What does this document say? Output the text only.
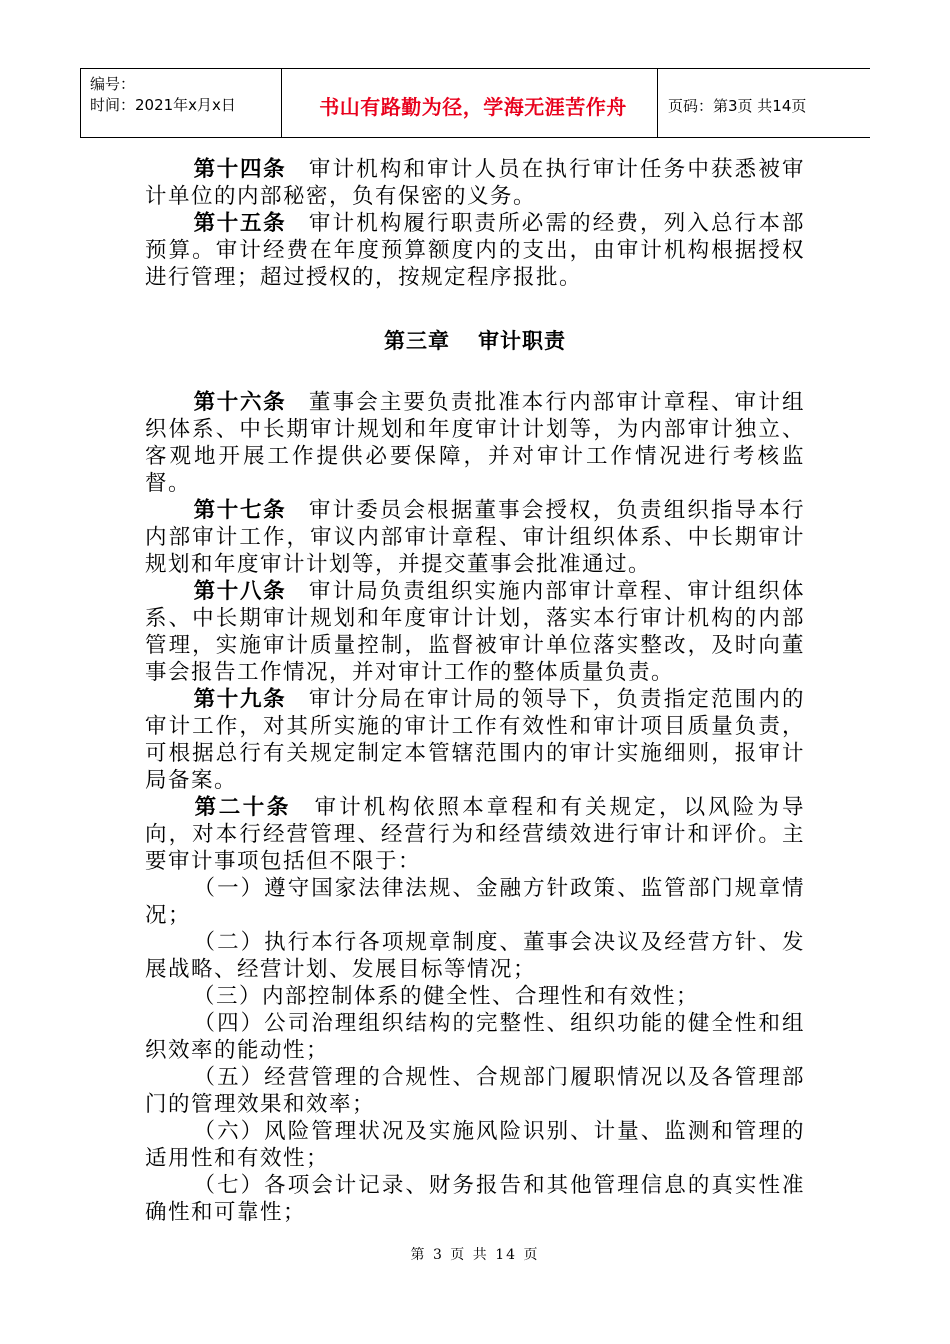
编号：
时间：2021年x月x日	书山有路勤为径，学海无涯苦作舟	页码：第3页 共14页

第十四条 审计机构和审计人员在执行审计任务中获悉被审计单位的内部秘密，负有保密的义务。

第十五条 审计机构履行职责所必需的经费，列入总行本部预算。审计经费在年度预算额度内的支出，由审计机构根据授权进行管理；超过授权的，按规定程序报批。

第三章 审计职责

第十六条 董事会主要负责批准本行内部审计章程、审计组织体系、中长期审计规划和年度审计计划等，为内部审计独立、客观地开展工作提供必要保障，并对审计工作情况进行考核监督。

第十七条 审计委员会根据董事会授权，负责组织指导本行内部审计工作，审议内部审计章程、审计组织体系、中长期审计规划和年度审计计划等，并提交董事会批准通过。

第十八条 审计局负责组织实施内部审计章程、审计组织体系、中长期审计规划和年度审计计划，落实本行审计机构的内部管理，实施审计质量控制，监督被审计单位落实整改，及时向董事会报告工作情况，并对审计工作的整体质量负责。

第十九条 审计分局在审计局的领导下，负责指定范围内的审计工作，对其所实施的审计工作有效性和审计项目质量负责，可根据总行有关规定制定本管辖范围内的审计实施细则，报审计局备案。

第二十条 审计机构依照本章程和有关规定，以风险为导向，对本行经营管理、经营行为和经营绩效进行审计和评价。主要审计事项包括但不限于：

（一）遵守国家法律法规、金融方针政策、监管部门规章情况；

（二）执行本行各项规章制度、董事会决议及经营方针、发展战略、经营计划、发展目标等情况；

（三）内部控制体系的健全性、合理性和有效性；

（四）公司治理组织结构的完整性、组织功能的健全性和组织效率的能动性；

（五）经营管理的合规性、合规部门履职情况以及各管理部门的管理效果和效率；

（六）风险管理状况及实施风险识别、计量、监测和管理的适用性和有效性；

（七）各项会计记录、财务报告和其他管理信息的真实性准确性和可靠性；

第 3 页 共 14 页
